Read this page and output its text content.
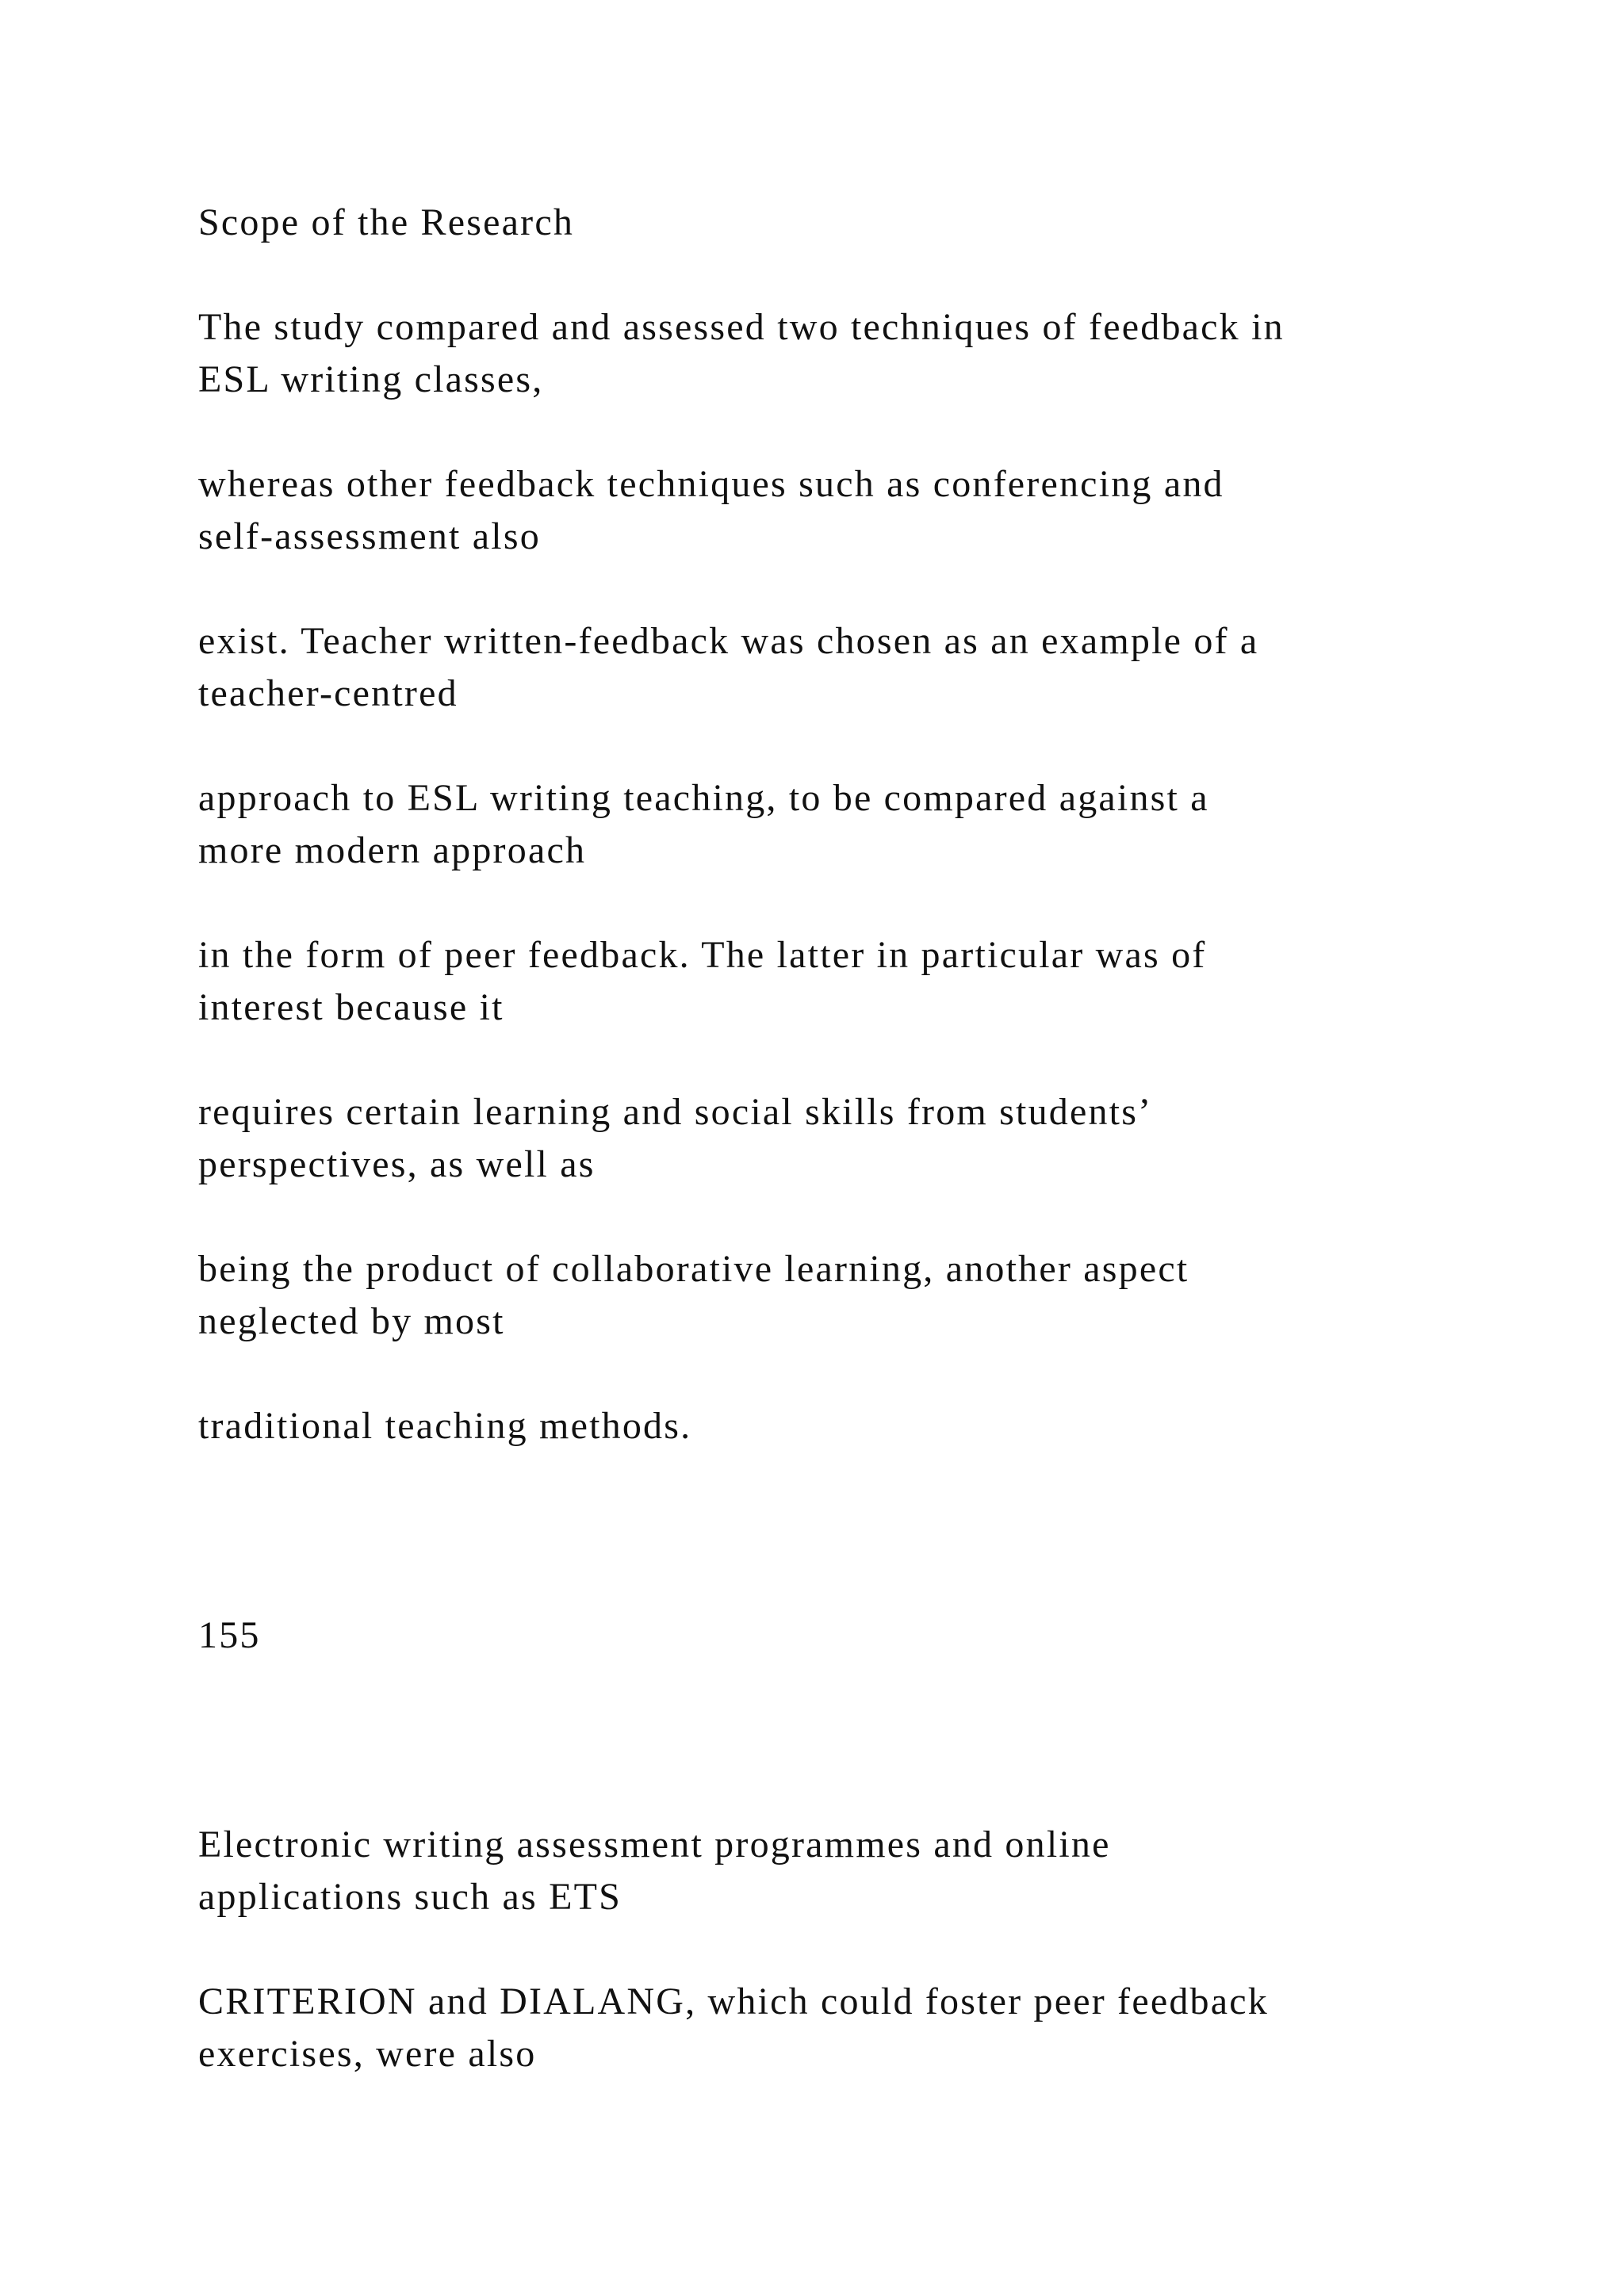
Scope of the Research

The study compared and assessed two techniques of feedback in

ESL writing classes,

whereas other feedback techniques such as conferencing and

self-assessment also

exist. Teacher written-feedback was chosen as an example of a

teacher-centred

approach to ESL writing teaching, to be compared against a

more modern approach

in the form of peer feedback. The latter in particular was of

interest because it

requires certain learning and social skills from students’

perspectives, as well as

being the product of collaborative learning, another aspect

neglected by most

traditional teaching methods.

155

Electronic writing assessment programmes and online

applications such as ETS

CRITERION and DIALANG, which could foster peer feedback

exercises, were also
